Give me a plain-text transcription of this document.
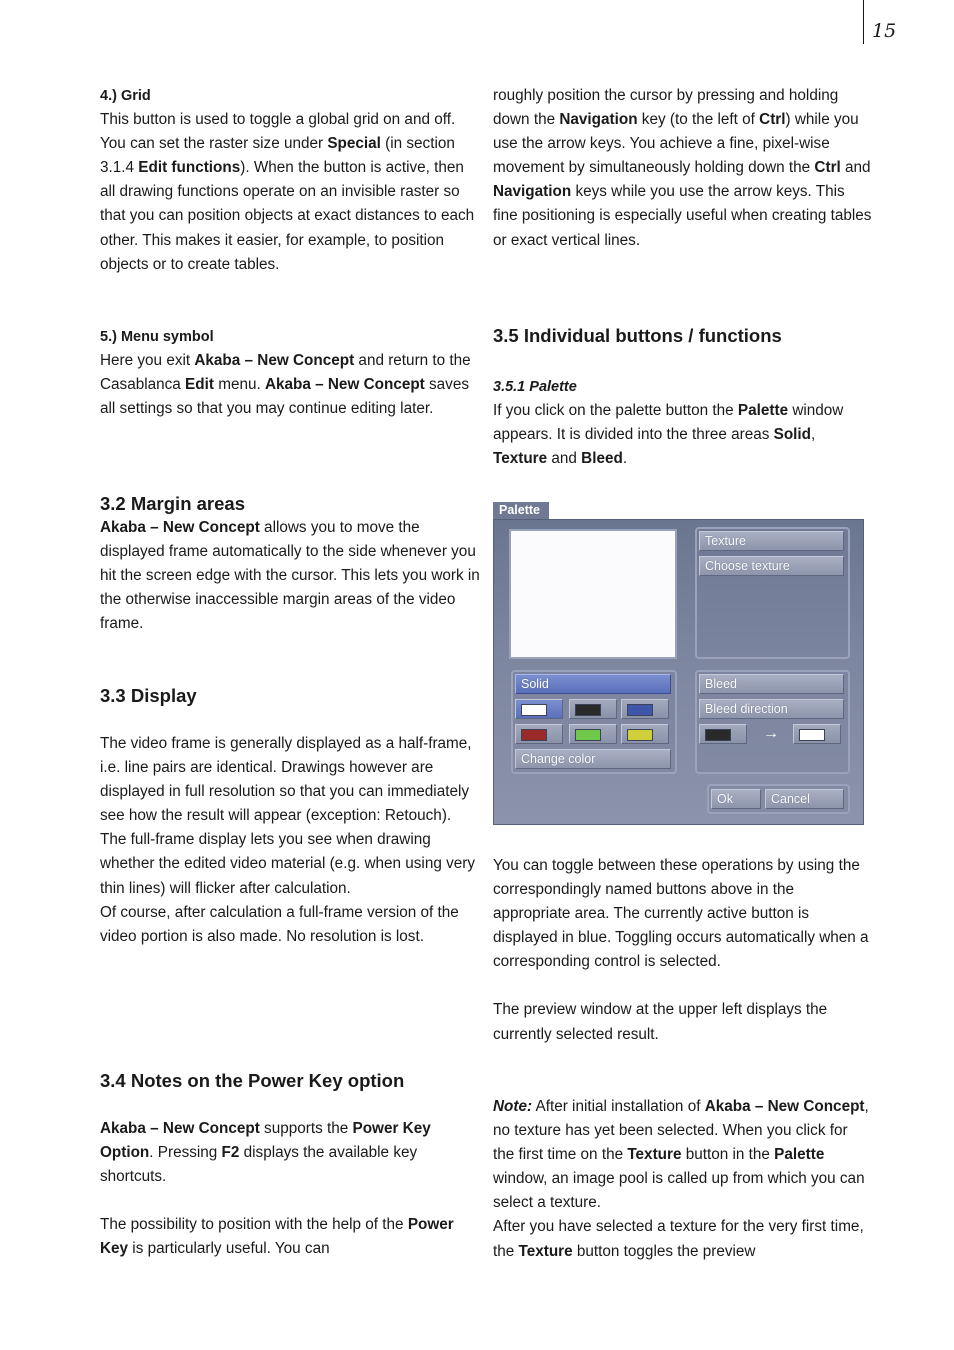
15
4.) Grid

This button is used to toggle a global grid on and off. You can set the raster size under Special (in section 3.1.4 Edit functions). When the button is active, then all drawing functions operate on an invisible raster so that you can position objects at exact distances to each other. This makes it easier, for example, to position objects or to create tables.

5.) Menu symbol

Here you exit Akaba – New Concept and return to the Casablanca Edit menu. Akaba – New Concept saves all settings so that you may continue editing later.

3.2 Margin areas

Akaba – New Concept allows you to move the displayed frame automatically to the side whenever you hit the screen edge with the cursor. This lets you work in the otherwise inaccessible margin areas of the video frame.

3.3 Display

The video frame is generally displayed as a half-frame, i.e. line pairs are identical. Drawings however are displayed in full resolution so that you can immediately see how the result will appear (exception: Retouch).

The full-frame display lets you see when drawing whether the edited video material (e.g. when using very thin lines) will flicker after calculation.

Of course, after calculation a full-frame version of the video portion is also made. No resolution is lost.

3.4 Notes on the Power Key option

Akaba – New Concept supports the Power Key Option. Pressing F2 displays the available key shortcuts.

The possibility to position with the help of the Power Key is particularly useful. You can

roughly position the cursor by pressing and holding down the Navigation key (to the left of Ctrl) while you use the arrow keys. You achieve a fine, pixel-wise movement by simultaneously holding down the Ctrl and Navigation keys while you use the arrow keys. This fine positioning is especially useful when creating tables or exact vertical lines.

3.5 Individual buttons / functions
3.5.1 Palette

If you click on the palette button the Palette window appears. It is divided into the three areas Solid, Texture and Bleed.

You can toggle between these operations by using the correspondingly named buttons above in the appropriate area. The currently active button is displayed in blue. Toggling occurs automatically when a corresponding control is selected.

The preview window at the upper left displays the currently selected result.

Note: After initial installation of Akaba – New Concept, no texture has yet been selected. When you click for the first time on the Texture button in the Palette window, an image pool is called up from which you can select a texture.

After you have selected a texture for the very first time, the Texture button toggles the preview

Palette
Texture
Choose texture
Solid
Change color
Bleed
Bleed direction
→
Ok	Cancel
